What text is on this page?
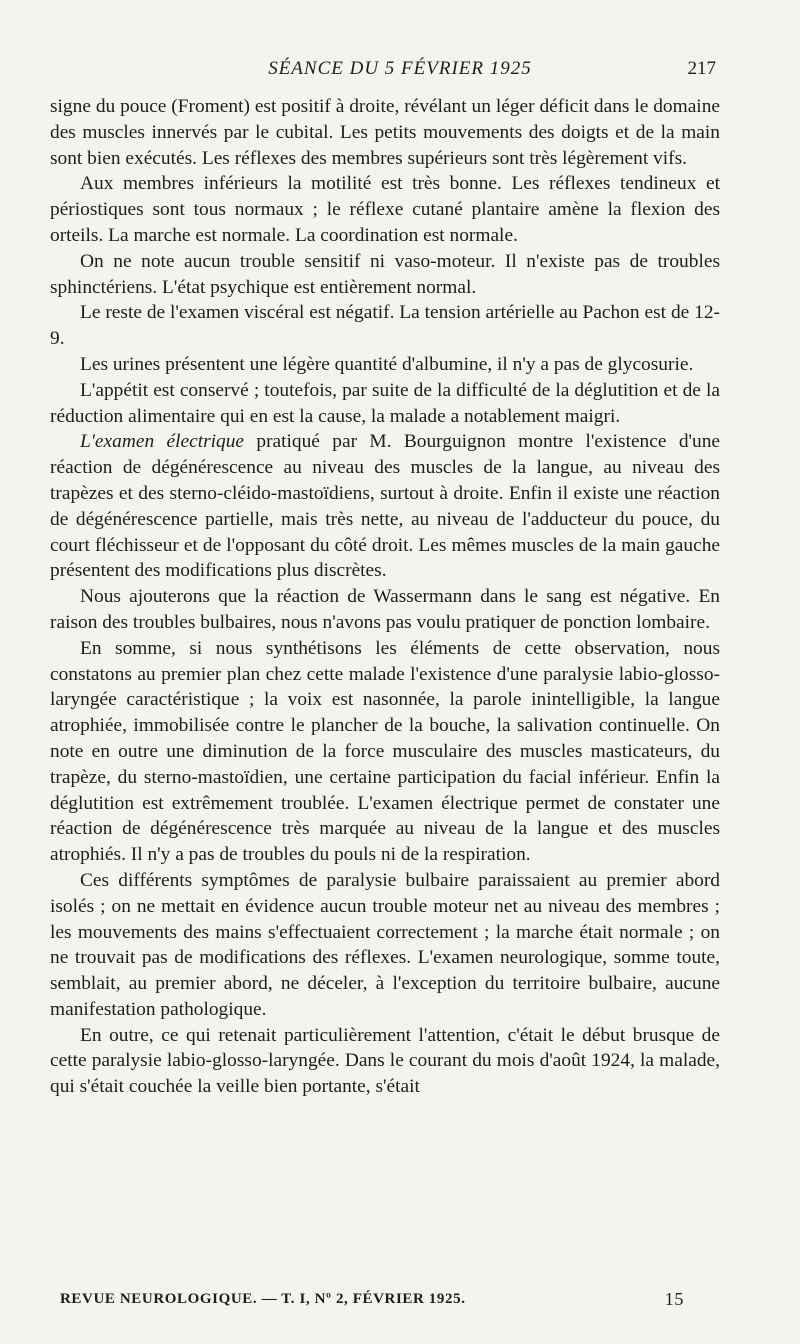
SÉANCE DU 5 FÉVRIER 1925	217

signe du pouce (Froment) est positif à droite, révélant un léger déficit dans le domaine des muscles innervés par le cubital. Les petits mouvements des doigts et de la main sont bien exécutés. Les réflexes des membres supérieurs sont très légèrement vifs.

Aux membres inférieurs la motilité est très bonne. Les réflexes tendineux et périostiques sont tous normaux ; le réflexe cutané plantaire amène la flexion des orteils. La marche est normale. La coordination est normale.

On ne note aucun trouble sensitif ni vaso-moteur. Il n'existe pas de troubles sphinctériens. L'état psychique est entièrement normal.

Le reste de l'examen viscéral est négatif. La tension artérielle au Pachon est de 12-9.

Les urines présentent une légère quantité d'albumine, il n'y a pas de glycosurie.

L'appétit est conservé ; toutefois, par suite de la difficulté de la déglutition et de la réduction alimentaire qui en est la cause, la malade a notablement maigri.

L'examen électrique pratiqué par M. Bourguignon montre l'existence d'une réaction de dégénérescence au niveau des muscles de la langue, au niveau des trapèzes et des sterno-cléido-mastoïdiens, surtout à droite. Enfin il existe une réaction de dégénérescence partielle, mais très nette, au niveau de l'adducteur du pouce, du court fléchisseur et de l'opposant du côté droit. Les mêmes muscles de la main gauche présentent des modifications plus discrètes.

Nous ajouterons que la réaction de Wassermann dans le sang est négative. En raison des troubles bulbaires, nous n'avons pas voulu pratiquer de ponction lombaire.

En somme, si nous synthétisons les éléments de cette observation, nous constatons au premier plan chez cette malade l'existence d'une paralysie labio-glosso-laryngée caractéristique ; la voix est nasonnée, la parole inintelligible, la langue atrophiée, immobilisée contre le plancher de la bouche, la salivation continuelle. On note en outre une diminution de la force musculaire des muscles masticateurs, du trapèze, du sterno-mastoïdien, une certaine participation du facial inférieur. Enfin la déglutition est extrêmement troublée. L'examen électrique permet de constater une réaction de dégénérescence très marquée au niveau de la langue et des muscles atrophiés. Il n'y a pas de troubles du pouls ni de la respiration.

Ces différents symptômes de paralysie bulbaire paraissaient au premier abord isolés ; on ne mettait en évidence aucun trouble moteur net au niveau des membres ; les mouvements des mains s'effectuaient correctement ; la marche était normale ; on ne trouvait pas de modifications des réflexes. L'examen neurologique, somme toute, semblait, au premier abord, ne déceler, à l'exception du territoire bulbaire, aucune manifestation pathologique.

En outre, ce qui retenait particulièrement l'attention, c'était le début brusque de cette paralysie labio-glosso-laryngée. Dans le courant du mois d'août 1924, la malade, qui s'était couchée la veille bien portante, s'était

REVUE NEUROLOGIQUE. — T. I, Nº 2, FÉVRIER 1925.	15
